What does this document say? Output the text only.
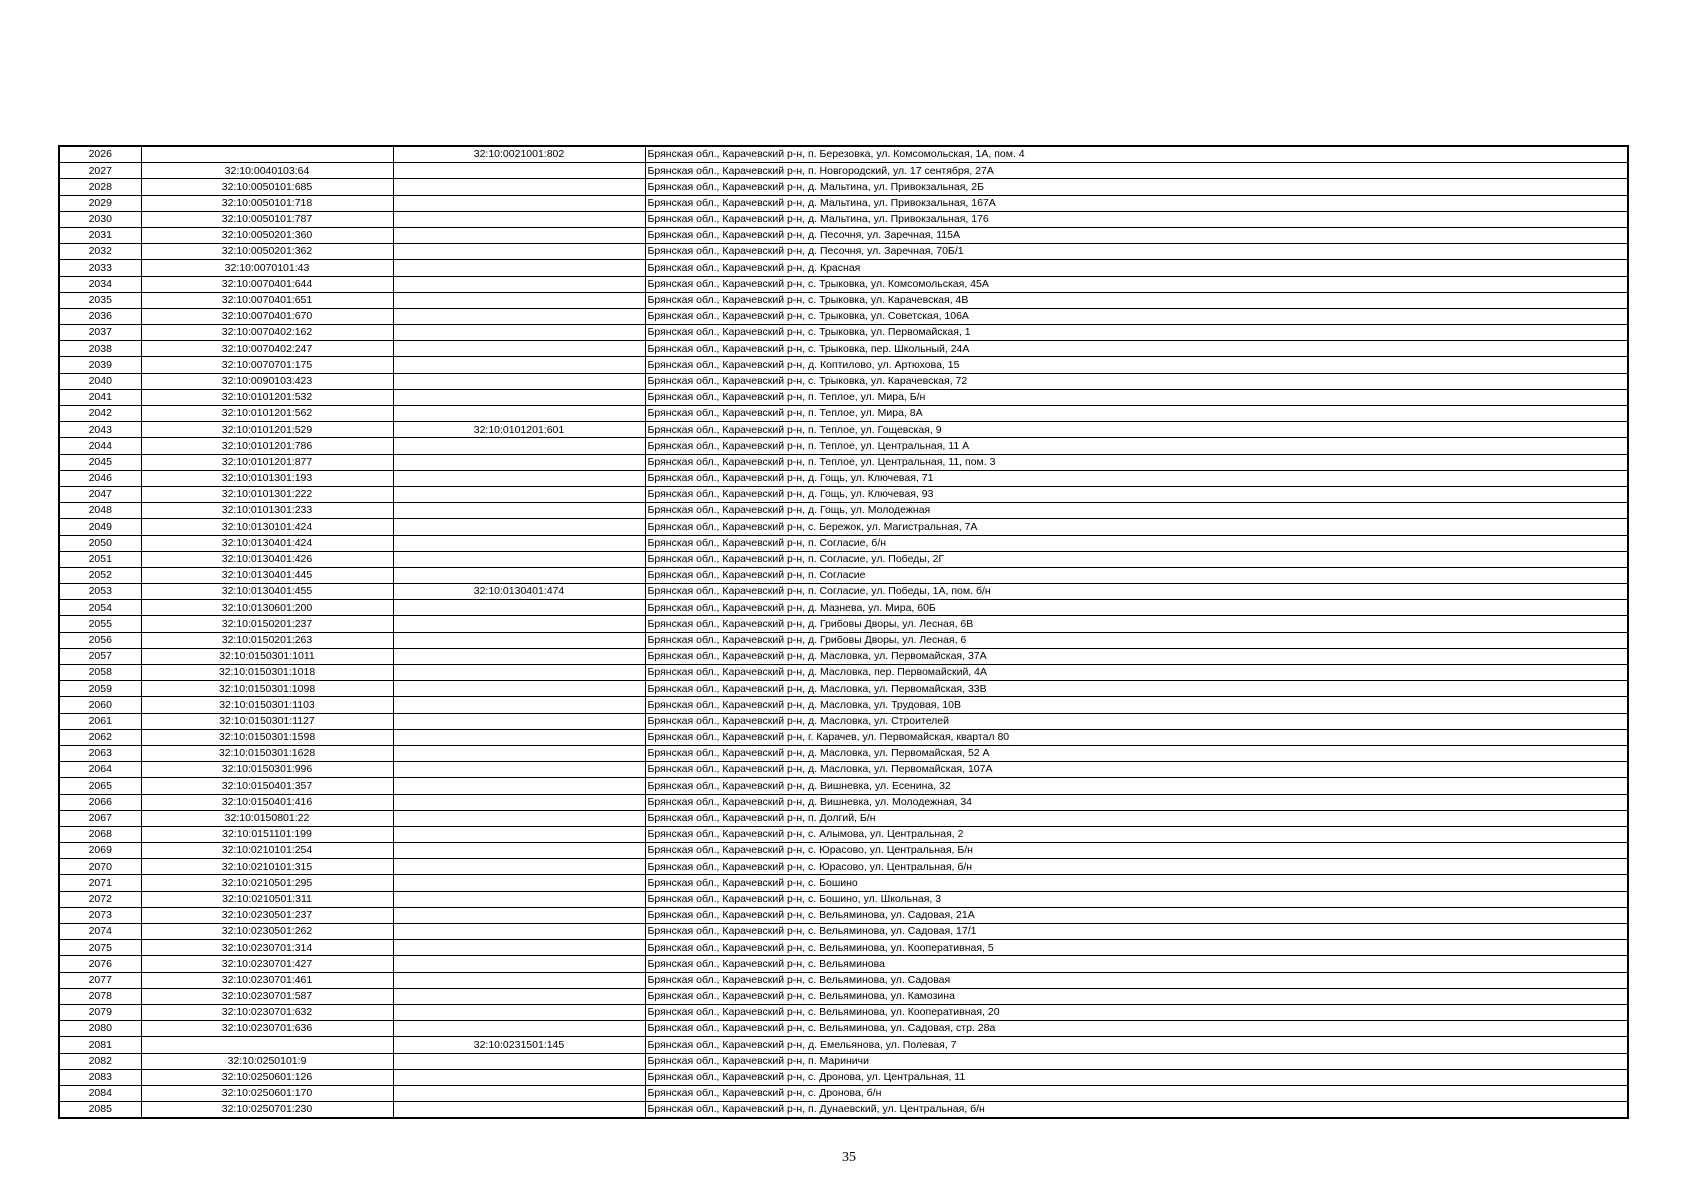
2026		32:10:0021001:802	Брянская обл., Карачевский р-н, п. Березовка, ул. Комсомольская, 1А, пом. 4
2027	32:10:0040103:64		Брянская обл., Карачевский р-н, п. Новгородский, ул. 17 сентября, 27А
2028	32:10:0050101:685		Брянская обл., Карачевский р-н, д. Мальтина, ул. Привокзальная, 2Б
2029	32:10:0050101:718		Брянская обл., Карачевский р-н, д. Мальтина, ул. Привокзальная, 167А
2030	32:10:0050101:787		Брянская обл., Карачевский р-н, д. Мальтина, ул. Привокзальная, 176
2031	32:10:0050201:360		Брянская обл., Карачевский р-н, д. Песочня, ул. Заречная, 115А
2032	32:10:0050201:362		Брянская обл., Карачевский р-н, д. Песочня, ул. Заречная, 70Б/1
2033	32:10:0070101:43		Брянская обл., Карачевский р-н, д. Красная
2034	32:10:0070401:644		Брянская обл., Карачевский р-н, с. Трыковка, ул. Комсомольская, 45А
2035	32:10:0070401:651		Брянская обл., Карачевский р-н, с. Трыковка, ул. Карачевская, 4В
2036	32:10:0070401:670		Брянская обл., Карачевский р-н, с. Трыковка, ул. Советская, 106А
2037	32:10:0070402:162		Брянская обл., Карачевский р-н, с. Трыковка, ул. Первомайская, 1
2038	32:10:0070402:247		Брянская обл., Карачевский р-н, с. Трыковка, пер. Школьный, 24А
2039	32:10:0070701:175		Брянская обл., Карачевский р-н, д. Коптилово, ул. Артюхова, 15
2040	32:10:0090103:423		Брянская обл., Карачевский р-н, с. Трыковка, ул. Карачевская, 72
2041	32:10:0101201:532		Брянская обл., Карачевский р-н, п. Теплое, ул. Мира, Б/н
2042	32:10:0101201:562		Брянская обл., Карачевский р-н, п. Теплое, ул. Мира, 8А
2043	32:10:0101201:529	32:10:0101201:601	Брянская обл., Карачевский р-н, п. Теплое, ул. Гощевская, 9
2044	32:10:0101201:786		Брянская обл., Карачевский р-н, п. Теплое, ул. Центральная, 11 А
2045	32:10:0101201:877		Брянская обл., Карачевский р-н, п. Теплое, ул. Центральная, 11, пом. 3
2046	32:10:0101301:193		Брянская обл., Карачевский р-н, д. Гощь, ул. Ключевая, 71
2047	32:10:0101301:222		Брянская обл., Карачевский р-н, д. Гощь, ул. Ключевая, 93
2048	32:10:0101301:233		Брянская обл., Карачевский р-н, д. Гощь, ул. Молодежная
2049	32:10:0130101:424		Брянская обл., Карачевский р-н, с. Бережок, ул. Магистральная, 7А
2050	32:10:0130401:424		Брянская обл., Карачевский р-н, п. Согласие, б/н
2051	32:10:0130401:426		Брянская обл., Карачевский р-н, п. Согласие, ул. Победы, 2Г
2052	32:10:0130401:445		Брянская обл., Карачевский р-н, п. Согласие
2053	32:10:0130401:455	32:10:0130401:474	Брянская обл., Карачевский р-н, п. Согласие, ул. Победы, 1А, пом. б/н
2054	32:10:0130601:200		Брянская обл., Карачевский р-н, д. Мазнева, ул. Мира, 60Б
2055	32:10:0150201:237		Брянская обл., Карачевский р-н, д. Грибовы Дворы, ул. Лесная, 6В
2056	32:10:0150201:263		Брянская обл., Карачевский р-н, д. Грибовы Дворы, ул. Лесная, 6
2057	32:10:0150301:1011		Брянская обл., Карачевский р-н, д. Масловка, ул. Первомайская, 37А
2058	32:10:0150301:1018		Брянская обл., Карачевский р-н, д. Масловка, пер. Первомайский, 4А
2059	32:10:0150301:1098		Брянская обл., Карачевский р-н, д. Масловка, ул. Первомайская, 33В
2060	32:10:0150301:1103		Брянская обл., Карачевский р-н, д. Масловка, ул. Трудовая, 10В
2061	32:10:0150301:1127		Брянская обл., Карачевский р-н, д. Масловка, ул. Строителей
2062	32:10:0150301:1598		Брянская обл., Карачевский р-н, г. Карачев, ул. Первомайская, квартал 80
2063	32:10:0150301:1628		Брянская обл., Карачевский р-н, д. Масловка, ул. Первомайская, 52 А
2064	32:10:0150301:996		Брянская обл., Карачевский р-н, д. Масловка, ул. Первомайская, 107А
2065	32:10:0150401:357		Брянская обл., Карачевский р-н, д. Вишневка, ул. Есенина, 32
2066	32:10:0150401:416		Брянская обл., Карачевский р-н, д. Вишневка, ул. Молодежная, 34
2067	32:10:0150801:22		Брянская обл., Карачевский р-н, п. Долгий, Б/н
2068	32:10:0151101:199		Брянская обл., Карачевский р-н, с. Алымова, ул. Центральная, 2
2069	32:10:0210101:254		Брянская обл., Карачевский р-н, с. Юрасово, ул. Центральная, Б/н
2070	32:10:0210101:315		Брянская обл., Карачевский р-н, с. Юрасово, ул. Центральная, б/н
2071	32:10:0210501:295		Брянская обл., Карачевский р-н, с. Бошино
2072	32:10:0210501:311		Брянская обл., Карачевский р-н, с. Бошино, ул. Школьная, 3
2073	32:10:0230501:237		Брянская обл., Карачевский р-н, с. Вельяминова, ул. Садовая, 21А
2074	32:10:0230501:262		Брянская обл., Карачевский р-н, с. Вельяминова, ул. Садовая, 17/1
2075	32:10:0230701:314		Брянская обл., Карачевский р-н, с. Вельяминова, ул. Кооперативная, 5
2076	32:10:0230701:427		Брянская обл., Карачевский р-н, с. Вельяминова
2077	32:10:0230701:461		Брянская обл., Карачевский р-н, с. Вельяминова, ул. Садовая
2078	32:10:0230701:587		Брянская обл., Карачевский р-н, с. Вельяминова, ул. Камозина
2079	32:10:0230701:632		Брянская обл., Карачевский р-н, с. Вельяминова, ул. Кооперативная, 20
2080	32:10:0230701:636		Брянская обл., Карачевский р-н, с. Вельяминова, ул. Садовая, стр. 28а
2081		32:10:0231501:145	Брянская обл., Карачевский р-н, д. Емельянова, ул. Полевая, 7
2082	32:10:0250101:9		Брянская обл., Карачевский р-н, п. Мариничи
2083	32:10:0250601:126		Брянская обл., Карачевский р-н, с. Дронова, ул. Центральная, 11
2084	32:10:0250601:170		Брянская обл., Карачевский р-н, с. Дронова, б/н
2085	32:10:0250701:230		Брянская обл., Карачевский р-н, п. Дунаевский, ул. Центральная, б/н
35
